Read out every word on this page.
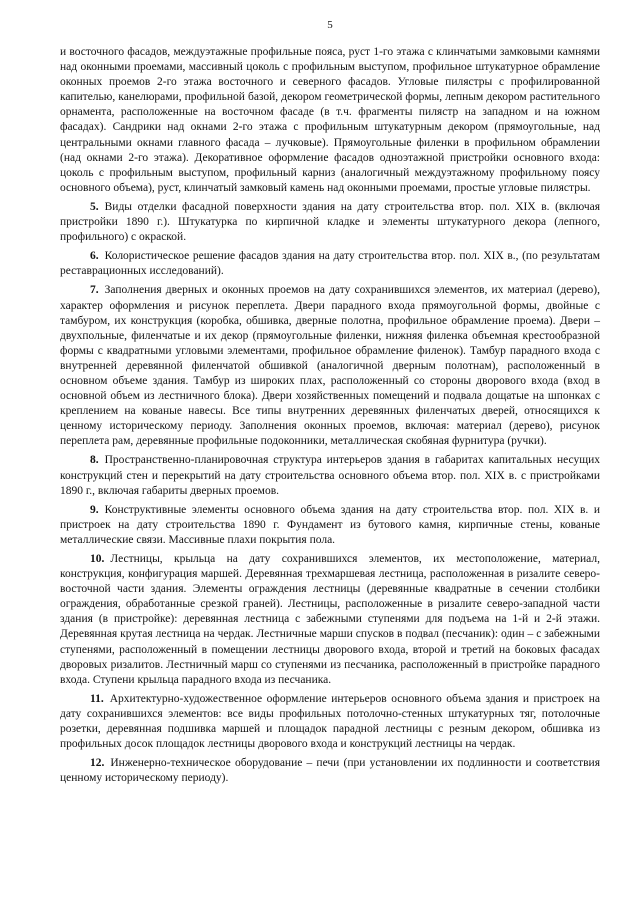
5

и восточного фасадов, междуэтажные профильные пояса, руст 1-го этажа с клинчатыми замковыми камнями над оконными проемами, массивный цоколь с профильным выступом, профильное штукатурное обрамление оконных проемов 2-го этажа восточного и северного фасадов. Угловые пилястры с профилированной капителью, канелюрами, профильной базой, декором геометрической формы, лепным декором растительного орнамента, расположенные на восточном фасаде (в т.ч. фрагменты пилястр на западном и на южном фасадах). Сандрики над окнами 2-го этажа с профильным штукатурным декором (прямоугольные, над центральными окнами главного фасада – лучковые). Прямоугольные филенки в профильном обрамлении (над окнами 2-го этажа). Декоративное оформление фасадов одноэтажной пристройки основного входа: цоколь с профильным выступом, профильный карниз (аналогичный междуэтажному профильному поясу основного объема), руст, клинчатый замковый камень над оконными проемами, простые угловые пилястры.

5. Виды отделки фасадной поверхности здания на дату строительства втор. пол. XIX в. (включая пристройки 1890 г.). Штукатурка по кирпичной кладке и элементы штукатурного декора (лепного, профильного) с окраской.

6. Колористическое решение фасадов здания на дату строительства втор. пол. XIX в., (по результатам реставрационных исследований).

7. Заполнения дверных и оконных проемов на дату сохранившихся элементов, их материал (дерево), характер оформления и рисунок переплета. Двери парадного входа прямоугольной формы, двойные с тамбуром, их конструкция (коробка, обшивка, дверные полотна, профильное обрамление проема). Двери – двухпольные, филенчатые и их декор (прямоугольные филенки, нижняя филенка объемная крестообразной формы с квадратными угловыми элементами, профильное обрамление филенок). Тамбур парадного входа с внутренней деревянной филенчатой обшивкой (аналогичной дверным полотнам), расположенный в основном объеме здания. Тамбур из широких плах, расположенный со стороны дворового входа (вход в основной объем из лестничного блока). Двери хозяйственных помещений и подвала дощатые на шпонках с креплением на кованые навесы. Все типы внутренних деревянных филенчатых дверей, относящихся к ценному историческому периоду. Заполнения оконных проемов, включая: материал (дерево), рисунок переплета рам, деревянные профильные подоконники, металлическая скобяная фурнитура (ручки).

8. Пространственно-планировочная структура интерьеров здания в габаритах капитальных несущих конструкций стен и перекрытий на дату строительства основного объема втор. пол. XIX в. с пристройками 1890 г., включая габариты дверных проемов.

9. Конструктивные элементы основного объема здания на дату строительства втор. пол. XIX в. и пристроек на дату строительства 1890 г. Фундамент из бутового камня, кирпичные стены, кованые металлические связи. Массивные плахи покрытия пола.

10. Лестницы, крыльца на дату сохранившихся элементов, их местоположение, материал, конструкция, конфигурация маршей. Деревянная трехмаршевая лестница, расположенная в ризалите северо-восточной части здания. Элементы ограждения лестницы (деревянные квадратные в сечении столбики ограждения, обработанные срезкой граней). Лестницы, расположенные в ризалите северо-западной части здания (в пристройке): деревянная лестница с забежными ступенями для подъема на 1-й и 2-й этажи. Деревянная крутая лестница на чердак. Лестничные марши спусков в подвал (песчаник): один – с забежными ступенями, расположенный в помещении лестницы дворового входа, второй и третий на боковых фасадах дворовых ризалитов. Лестничный марш со ступенями из песчаника, расположенный в пристройке парадного входа. Ступени крыльца парадного входа из песчаника.

11. Архитектурно-художественное оформление интерьеров основного объема здания и пристроек на дату сохранившихся элементов: все виды профильных потолочно-стенных штукатурных тяг, потолочные розетки, деревянная подшивка маршей и площадок парадной лестницы с резным декором, обшивка из профильных досок площадок лестницы дворового входа и конструкций лестницы на чердак.

12. Инженерно-техническое оборудование – печи (при установлении их подлинности и соответствия ценному историческому периоду).
